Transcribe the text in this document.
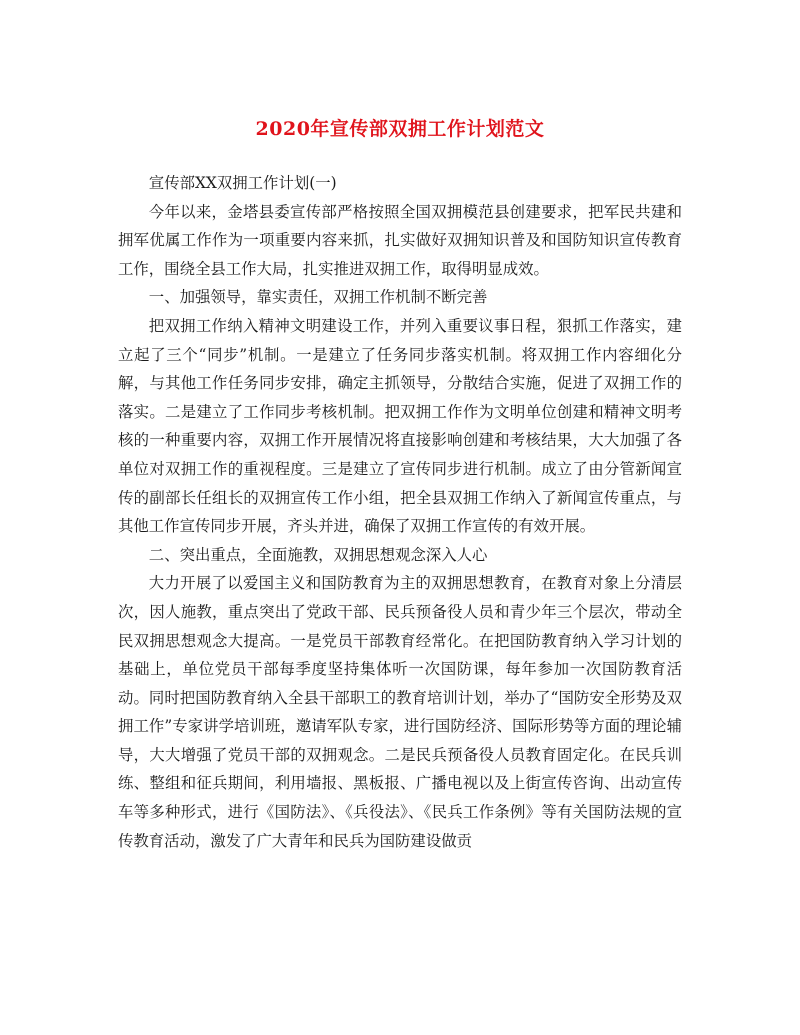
2020年宣传部双拥工作计划范文

宣传部XX双拥工作计划(一)

今年以来，金塔县委宣传部严格按照全国双拥模范县创建要求，把军民共建和拥军优属工作作为一项重要内容来抓，扎实做好双拥知识普及和国防知识宣传教育工作，围绕全县工作大局，扎实推进双拥工作，取得明显成效。

一、加强领导，靠实责任，双拥工作机制不断完善

把双拥工作纳入精神文明建设工作，并列入重要议事日程，狠抓工作落实，建立起了三个“同步”机制。一是建立了任务同步落实机制。将双拥工作内容细化分解，与其他工作任务同步安排，确定主抓领导，分散结合实施，促进了双拥工作的落实。二是建立了工作同步考核机制。把双拥工作作为文明单位创建和精神文明考核的一种重要内容，双拥工作开展情况将直接影响创建和考核结果，大大加强了各单位对双拥工作的重视程度。三是建立了宣传同步进行机制。成立了由分管新闻宣传的副部长任组长的双拥宣传工作小组，把全县双拥工作纳入了新闻宣传重点，与其他工作宣传同步开展，齐头并进，确保了双拥工作宣传的有效开展。

二、突出重点，全面施教，双拥思想观念深入人心

大力开展了以爱国主义和国防教育为主的双拥思想教育，在教育对象上分清层次，因人施教，重点突出了党政干部、民兵预备役人员和青少年三个层次，带动全民双拥思想观念大提高。一是党员干部教育经常化。在把国防教育纳入学习计划的基础上，单位党员干部每季度坚持集体听一次国防课，每年参加一次国防教育活动。同时把国防教育纳入全县干部职工的教育培训计划，举办了“国防安全形势及双拥工作”专家讲学培训班，邀请军队专家，进行国防经济、国际形势等方面的理论辅导，大大增强了党员干部的双拥观念。二是民兵预备役人员教育固定化。在民兵训练、整组和征兵期间，利用墙报、黑板报、广播电视以及上街宣传咨询、出动宣传车等多种形式，进行《国防法》、《兵役法》、《民兵工作条例》等有关国防法规的宣传教育活动，激发了广大青年和民兵为国防建设做贡
